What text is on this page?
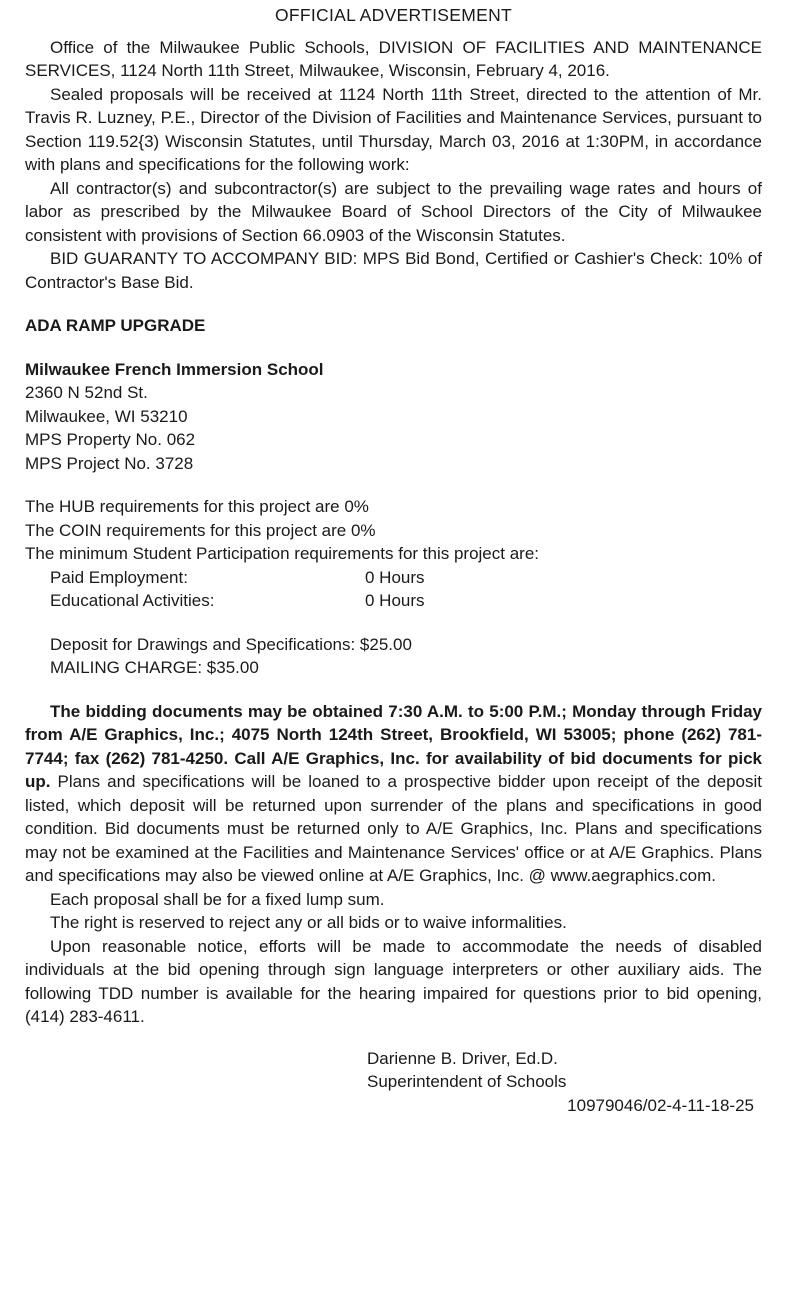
OFFICIAL ADVERTISEMENT

Office of the Milwaukee Public Schools, DIVISION OF FACILITIES AND MAINTENANCE SERVICES, 1124 North 11th Street, Milwaukee, Wisconsin, February 4, 2016.

Sealed proposals will be received at 1124 North 11th Street, directed to the attention of Mr. Travis R. Luzney, P.E., Director of the Division of Facilities and Maintenance Services, pursuant to Section 119.52{3) Wisconsin Statutes, until Thursday, March 03, 2016 at 1:30PM, in accordance with plans and specifications for the following work:

All contractor(s) and subcontractor(s) are subject to the prevailing wage rates and hours of labor as prescribed by the Milwaukee Board of School Directors of the City of Milwaukee consistent with provisions of Section 66.0903 of the Wisconsin Statutes.

BID GUARANTY TO ACCOMPANY BID: MPS Bid Bond, Certified or Cashier's Check: 10% of Contractor's Base Bid.

ADA RAMP UPGRADE
Milwaukee French Immersion School
2360 N 52nd St.
Milwaukee, WI 53210
MPS Property No. 062
MPS Project No. 3728
The HUB requirements for this project are 0%
The COIN requirements for this project are 0%
The minimum Student Participation requirements for this project are:
Paid Employment:	0 Hours
Educational Activities:	0 Hours
Deposit for Drawings and Specifications: $25.00
MAILING CHARGE: $35.00

The bidding documents may be obtained 7:30 A.M. to 5:00 P.M.; Monday through Friday from A/E Graphics, Inc.; 4075 North 124th Street, Brookfield, WI 53005; phone (262) 781-7744; fax (262) 781-4250. Call A/E Graphics, Inc. for availability of bid documents for pick up. Plans and specifications will be loaned to a prospective bidder upon receipt of the deposit listed, which deposit will be returned upon surrender of the plans and specifications in good condition. Bid documents must be returned only to A/E Graphics, Inc. Plans and specifications may not be examined at the Facilities and Maintenance Services' office or at A/E Graphics. Plans and specifications may also be viewed online at A/E Graphics, Inc. @ www.aegraphics.com.

Each proposal shall be for a fixed lump sum.

The right is reserved to reject any or all bids or to waive informalities.

Upon reasonable notice, efforts will be made to accommodate the needs of disabled individuals at the bid opening through sign language interpreters or other auxiliary aids. The following TDD number is available for the hearing impaired for questions prior to bid opening, (414) 283-4611.

Darienne B. Driver, Ed.D.
Superintendent of Schools
10979046/02-4-11-18-25
